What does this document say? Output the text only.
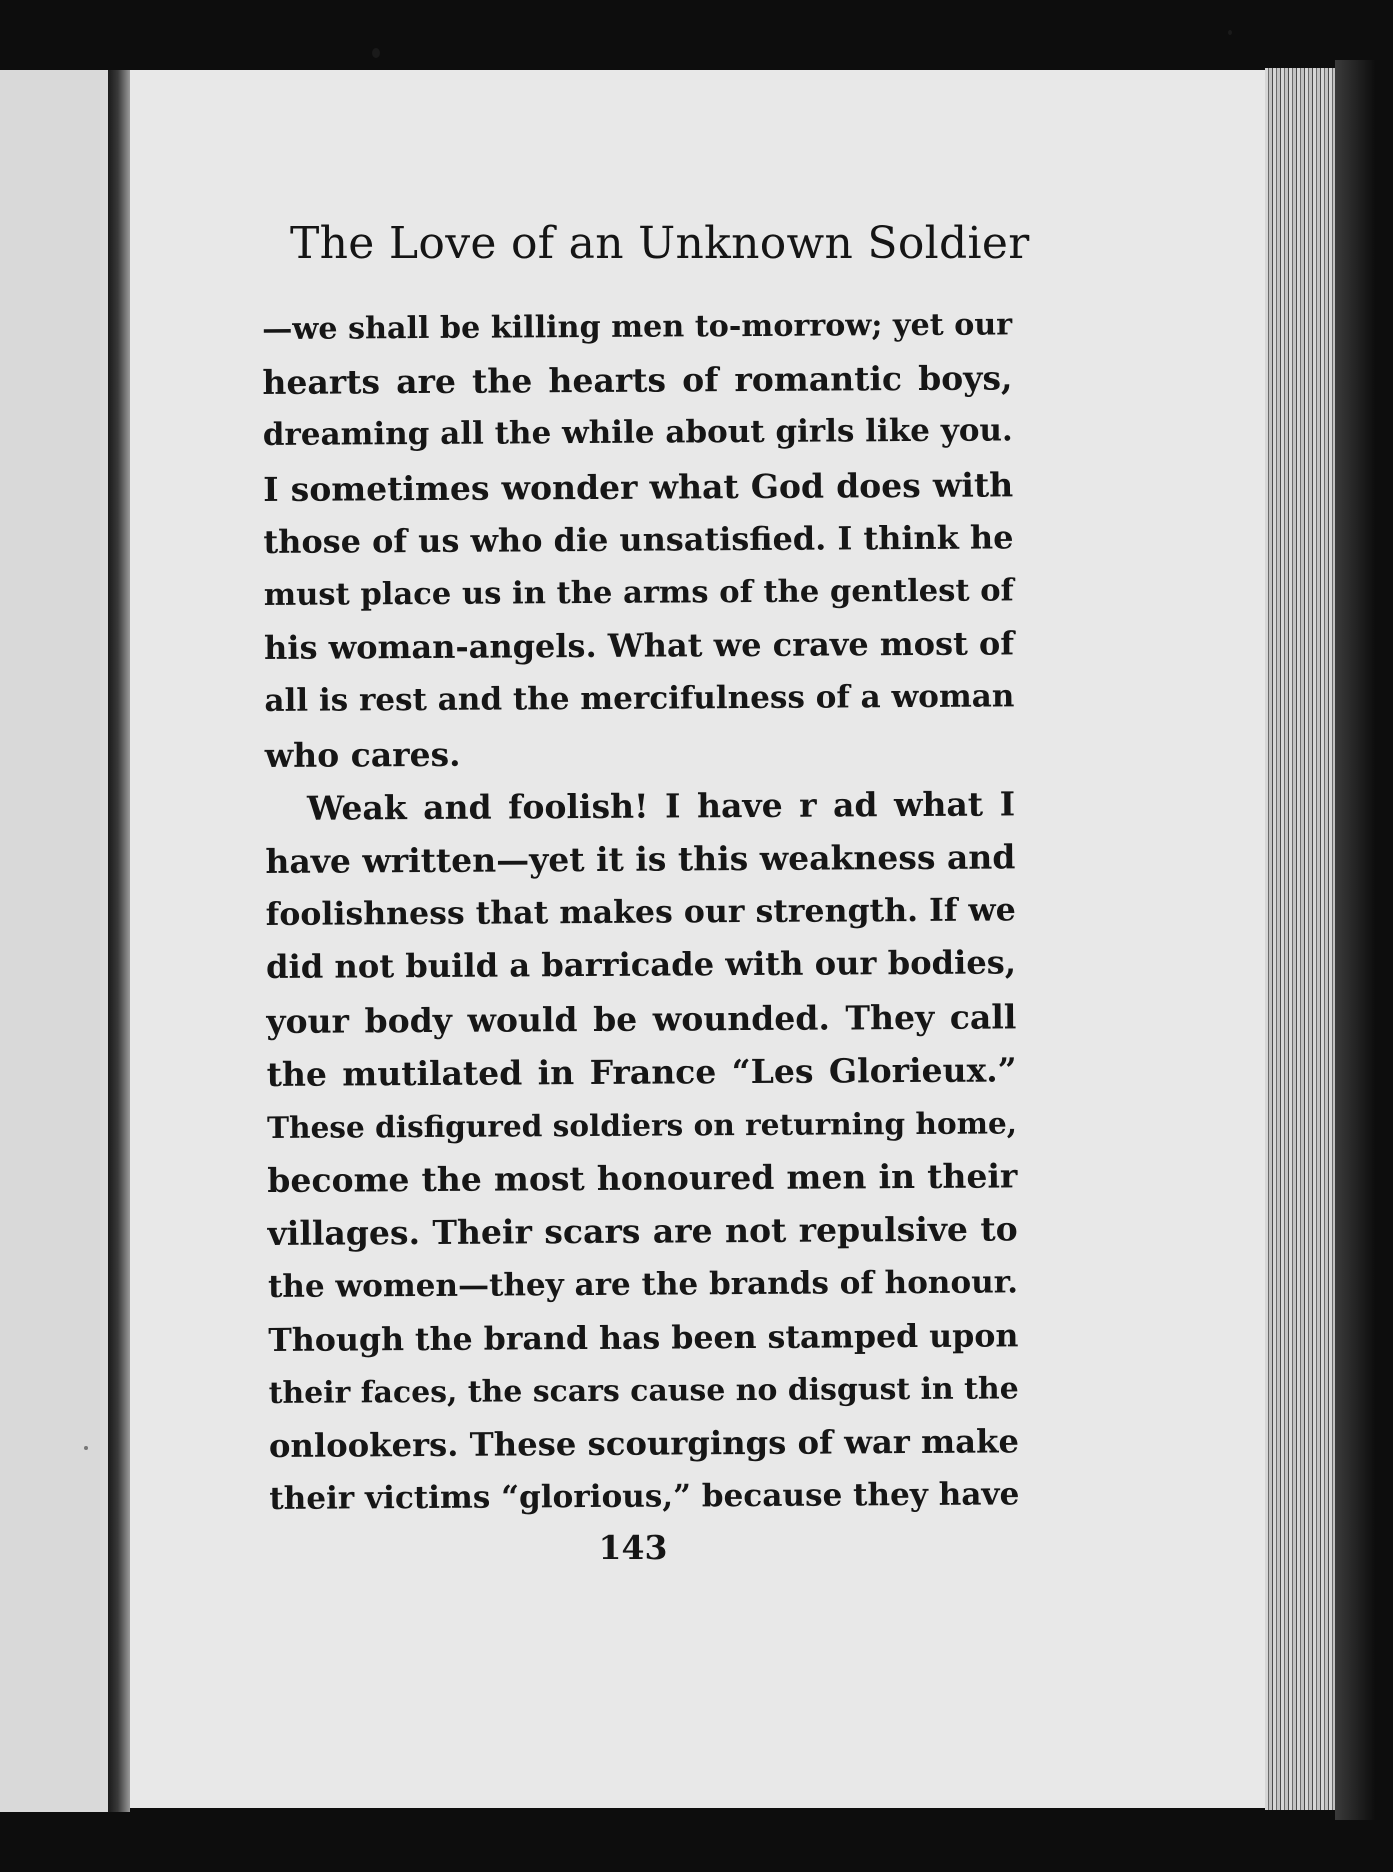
The Love of an Unknown Soldier
—we shall be killing men to-morrow; yet our
hearts are the hearts of romantic boys,
dreaming all the while about girls like you.
I sometimes wonder what God does with
those of us who die unsatisfied. I think he
must place us in the arms of the gentlest of
his woman-angels. What we crave most of
all is rest and the mercifulness of a woman
who cares.
Weak and foolish! I have r ad what I
have written—yet it is this weakness and
foolishness that makes our strength. If we
did not build a barricade with our bodies,
your body would be wounded. They call
the mutilated in France “Les Glorieux.”
These disfigured soldiers on returning home,
become the most honoured men in their
villages. Their scars are not repulsive to
the women—they are the brands of honour.
Though the brand has been stamped upon
their faces, the scars cause no disgust in the
onlookers. These scourgings of war make
their victims “glorious,” because they have
143
